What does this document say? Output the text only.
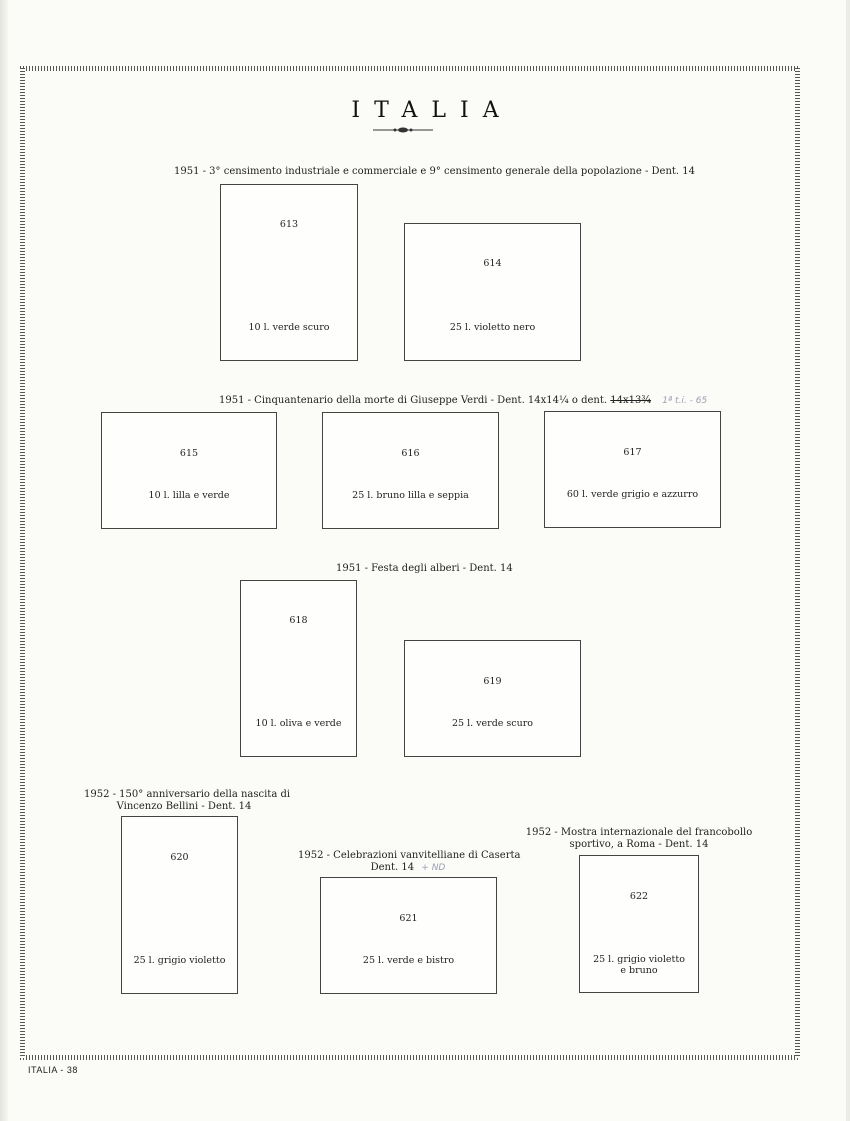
ITALIA
1951 - 3° censimento industriale e commerciale e 9° censimento generale della popolazione - Dent. 14
613
10 l. verde scuro
614
25 l. violetto nero
1951 - Cinquantenario della morte di Giuseppe Verdi - Dent. 14x14¼ o dent. 14x13¾ 1ª t.i. - 65
615
10 l. lilla e verde
616
25 l. bruno lilla e seppia
617
60 l. verde grigio e azzurro
1951 - Festa degli alberi - Dent. 14
618
10 l. oliva e verde
619
25 l. verde scuro
1952 - 150° anniversario della nascita di
Vincenzo Bellini - Dent. 14
620
25 l. grigio violetto
1952 - Celebrazioni vanvitelliane di Caserta
Dent. 14 + ND
621
25 l. verde e bistro
1952 - Mostra internazionale del francobollo
sportivo, a Roma - Dent. 14
622
25 l. grigio violetto
e bruno
ITALIA - 38
